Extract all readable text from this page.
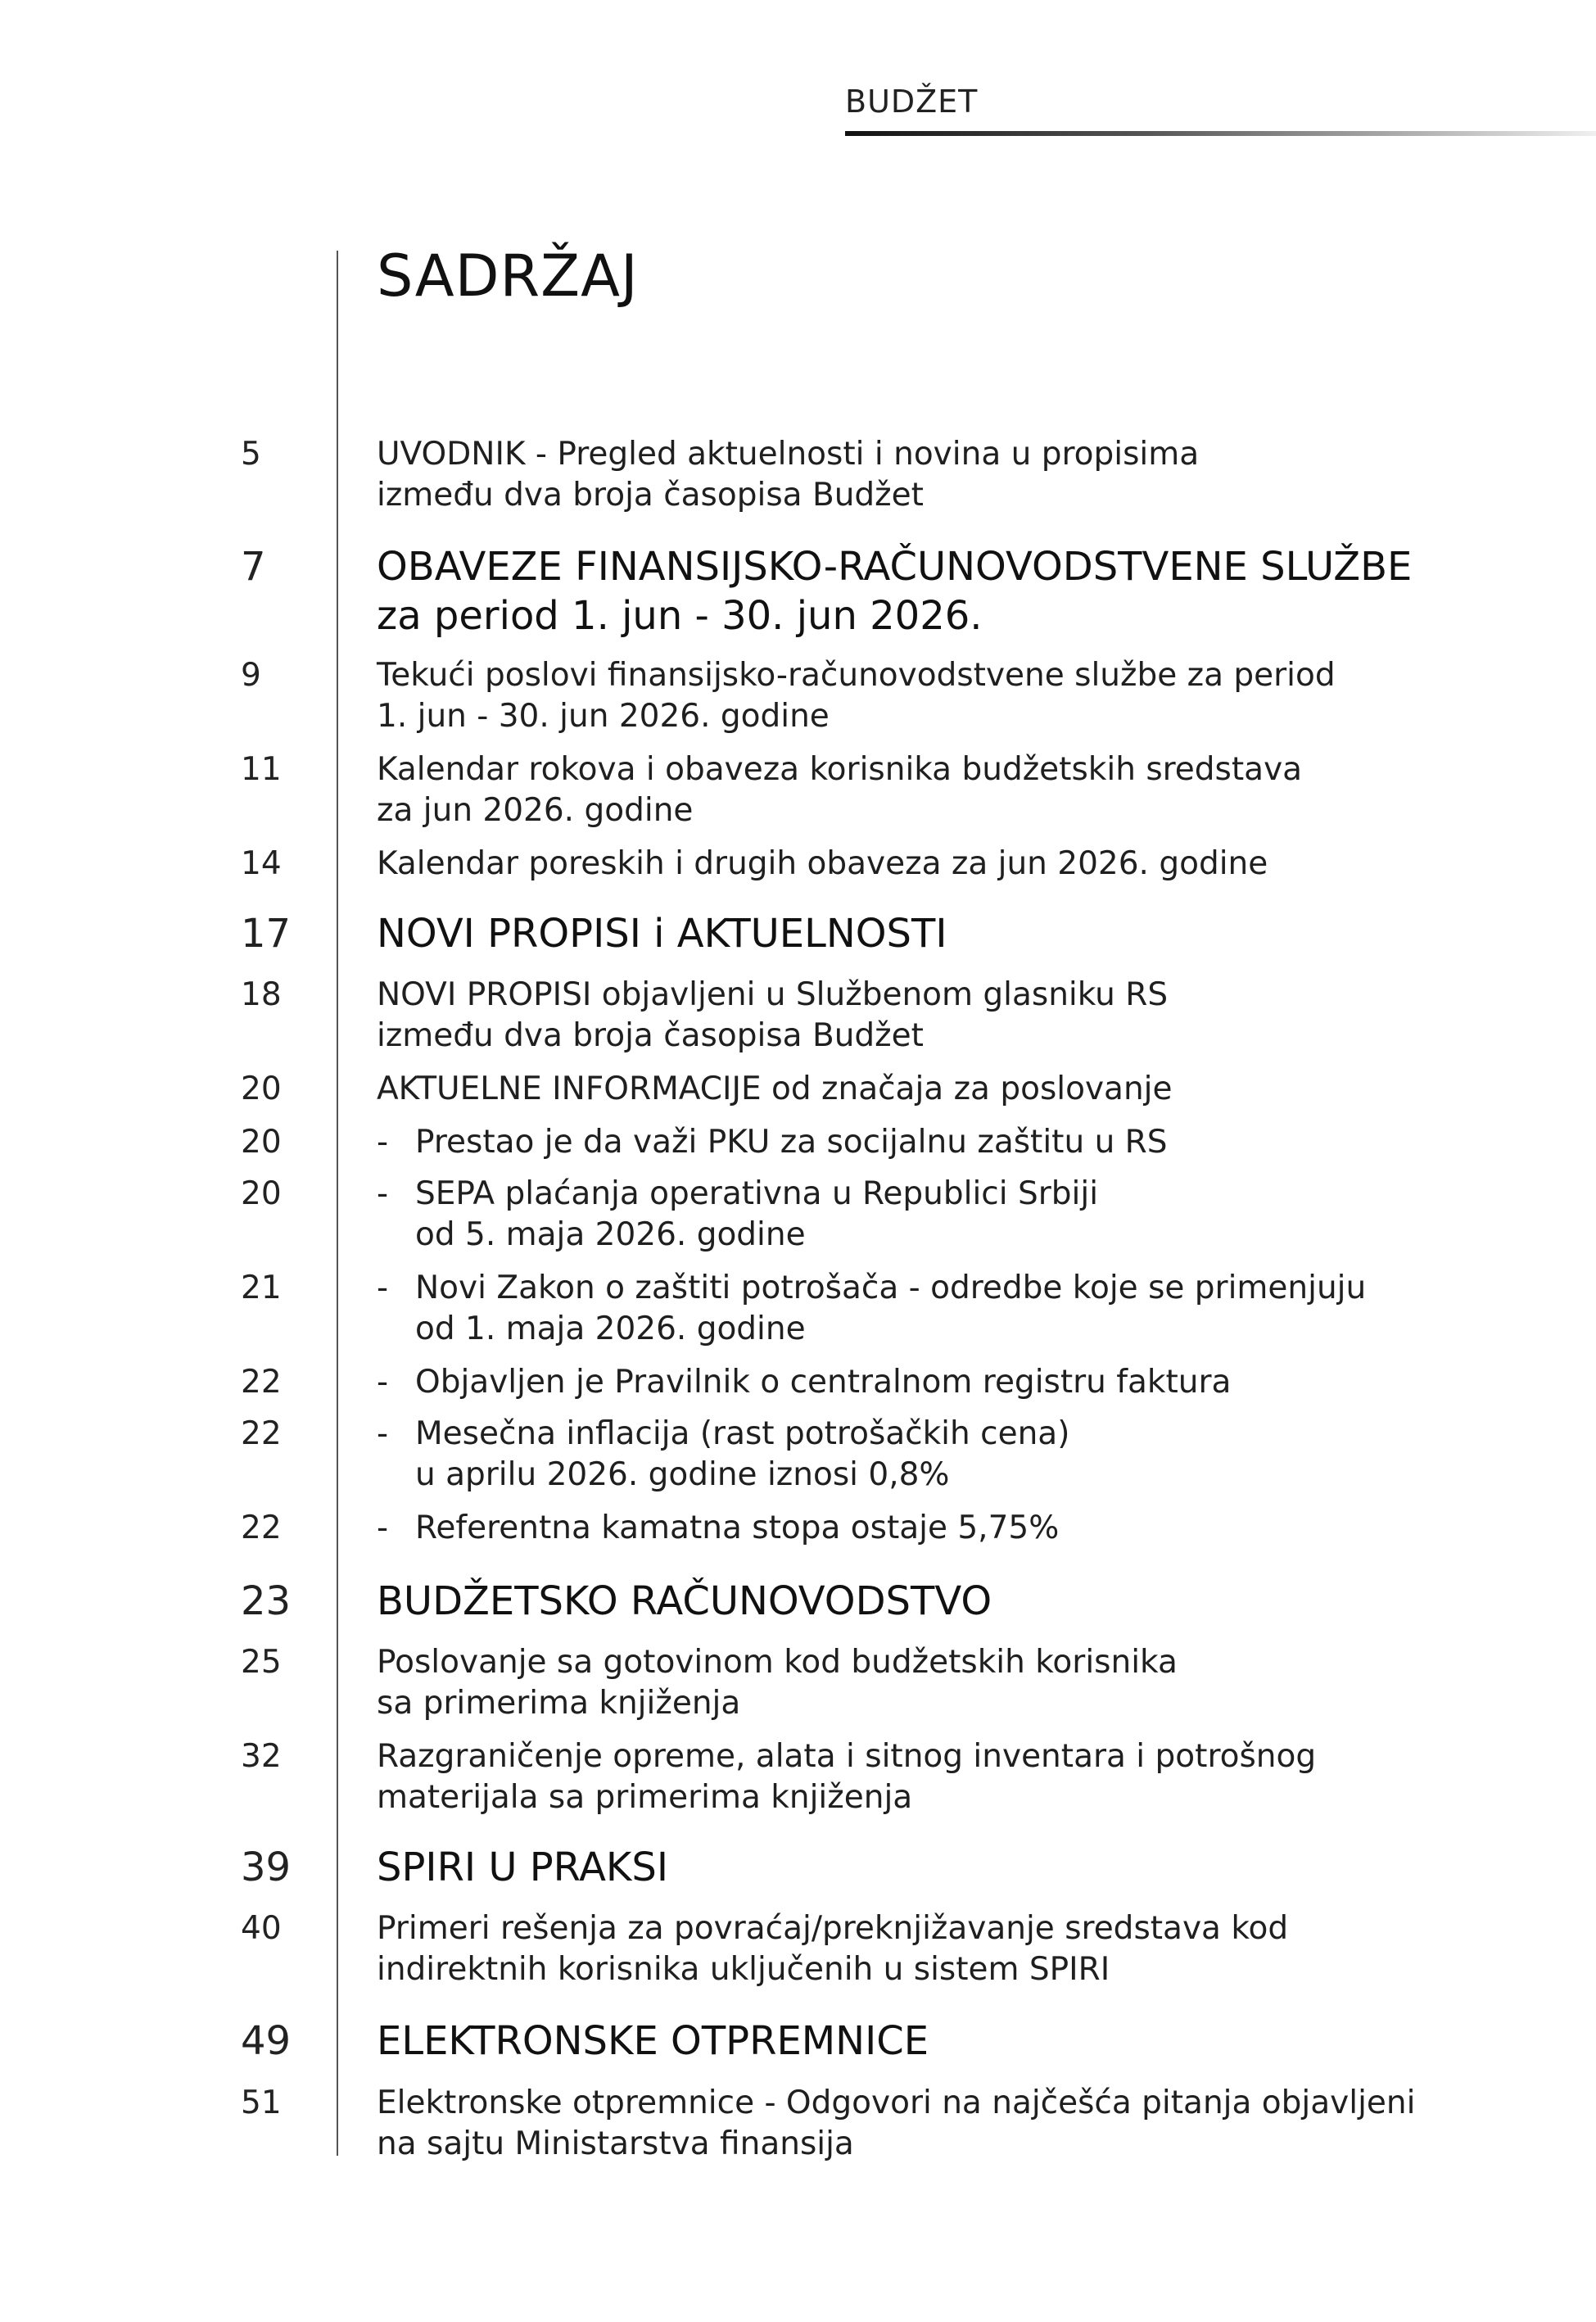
BUDŽET
SADRŽAJ
5	UVODNIK - Pregled aktuelnosti i novina u propisima
između dva broja časopisa Budžet
7	OBAVEZE FINANSIJSKO-RAČUNOVODSTVENE SLUŽBE
za period 1. jun - 30. jun 2026.
9	Tekući poslovi finansijsko-računovodstvene službe za period
1. jun - 30. jun 2026. godine
11	Kalendar rokova i obaveza korisnika budžetskih sredstava
za jun 2026. godine
14	Kalendar poreskih i drugih obaveza za jun 2026. godine
17 NOVI PROPISI i AKTUELNOSTI
18	NOVI PROPISI objavljeni u Službenom glasniku RS
između dva broja časopisa Budžet
20	AKTUELNE INFORMACIJE od značaja za poslovanje
20	- Prestao je da važi PKU za socijalnu zaštitu u RS
20	- SEPA plaćanja operativna u Republici Srbiji
od 5. maja 2026. godine
21	- Novi Zakon o zaštiti potrošača - odredbe koje se primenjuju
od 1. maja 2026. godine
22	- Objavljen je Pravilnik o centralnom registru faktura
22	- Mesečna inflacija (rast potrošačkih cena)
u aprilu 2026. godine iznosi 0,8%
22	- Referentna kamatna stopa ostaje 5,75%
23 BUDŽETSKO RAČUNOVODSTVO
25	Poslovanje sa gotovinom kod budžetskih korisnika
sa primerima knjiženja
32	Razgraničenje opreme, alata i sitnog inventara i potrošnog
materijala sa primerima knjiženja
39 SPIRI U PRAKSI
40	Primeri rešenja za povraćaj/preknjižavanje sredstava kod
indirektnih korisnika uključenih u sistem SPIRI
49 ELEKTRONSKE OTPREMNICE
51	Elektronske otpremnice - Odgovori na najčešća pitanja objavljeni
na sajtu Ministarstva finansija
